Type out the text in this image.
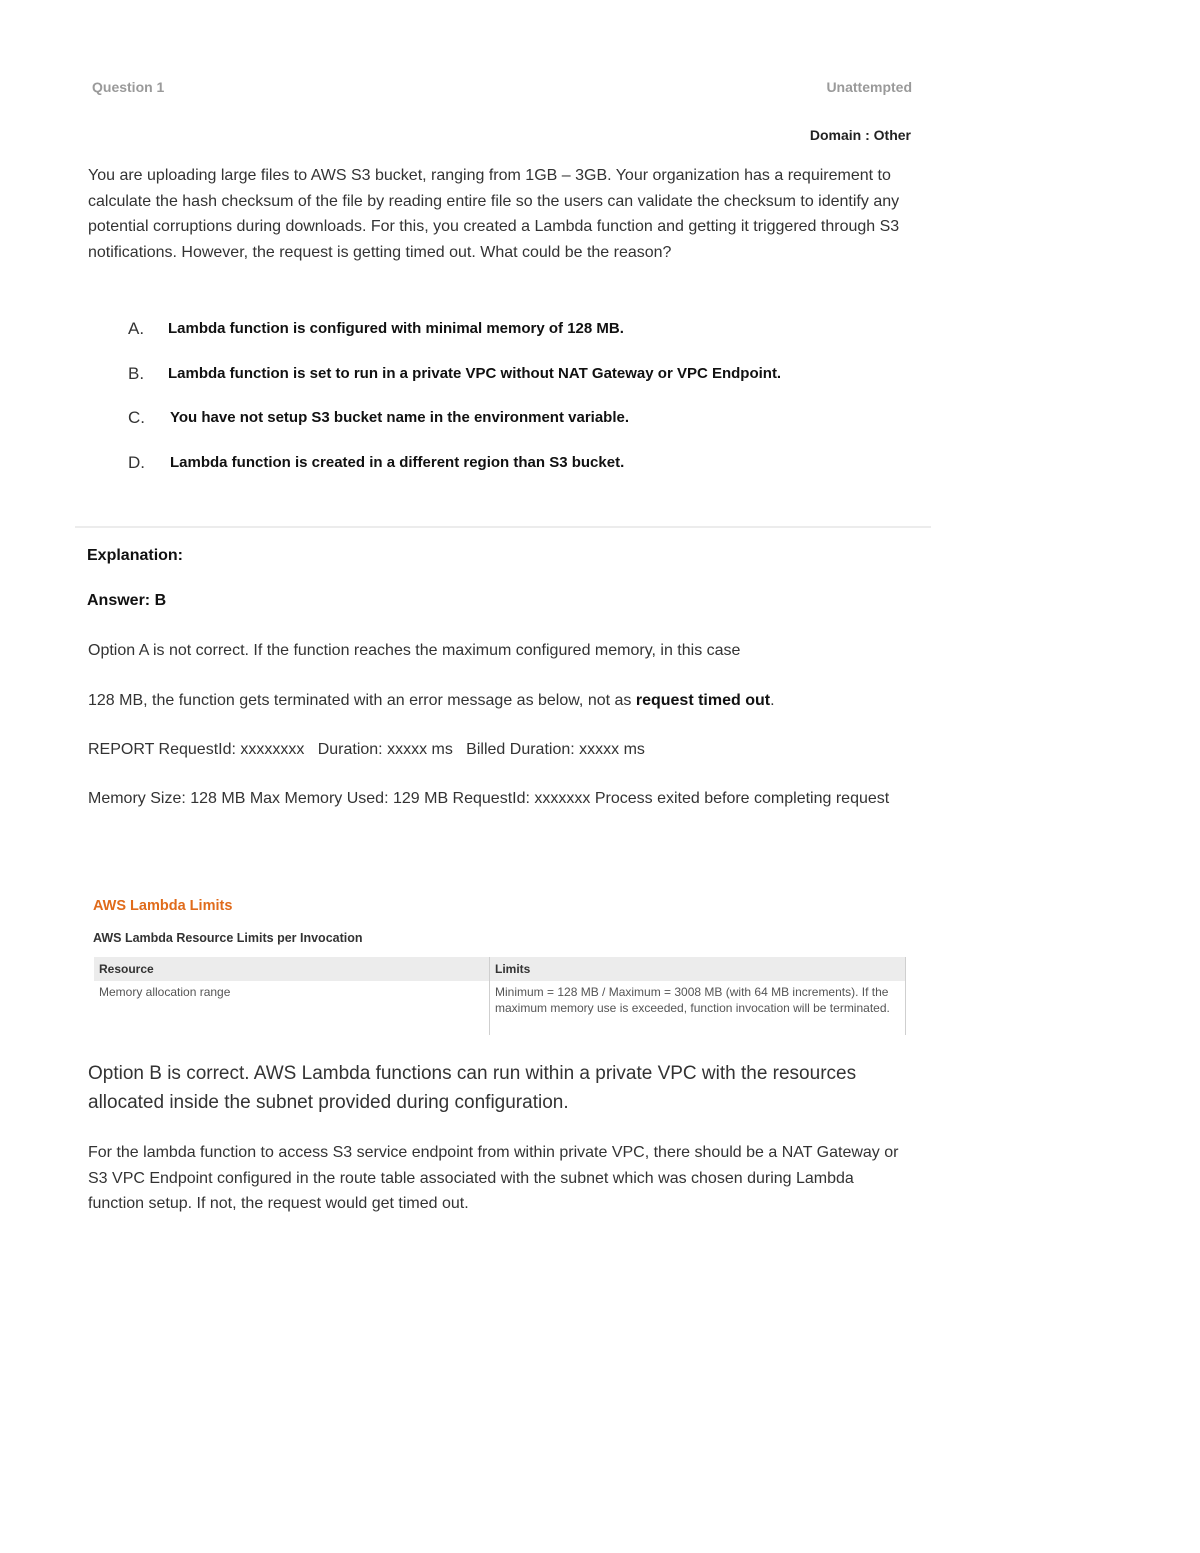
Question 1	Unattempted
Domain : Other

You are uploading large files to AWS S3 bucket, ranging from 1GB – 3GB. Your organization has a requirement to calculate the hash checksum of the file by reading entire file so the users can validate the checksum to identify any potential corruptions during downloads. For this, you created a Lambda function and getting it triggered through S3 notifications. However, the request is getting timed out. What could be the reason?

A. Lambda function is configured with minimal memory of 128 MB.
B. Lambda function is set to run in a private VPC without NAT Gateway or VPC Endpoint.
C. You have not setup S3 bucket name in the environment variable.
D. Lambda function is created in a different region than S3 bucket.
Explanation:
Answer: B

Option A is not correct. If the function reaches the maximum configured memory, in this case

128 MB, the function gets terminated with an error message as below, not as request timed out.

REPORT RequestId: xxxxxxxx   Duration: xxxxx ms   Billed Duration: xxxxx ms

Memory Size: 128 MB Max Memory Used: 129 MB RequestId: xxxxxxx Process exited before completing request

AWS Lambda Limits
AWS Lambda Resource Limits per Invocation
Resource	Limits
Memory allocation range	Minimum = 128 MB / Maximum = 3008 MB (with 64 MB increments). If the maximum memory use is exceeded, function invocation will be terminated.

Option B is correct. AWS Lambda functions can run within a private VPC with the resources allocated inside the subnet provided during configuration.

For the lambda function to access S3 service endpoint from within private VPC, there should be a NAT Gateway or S3 VPC Endpoint configured in the route table associated with the subnet which was chosen during Lambda function setup. If not, the request would get timed out.
